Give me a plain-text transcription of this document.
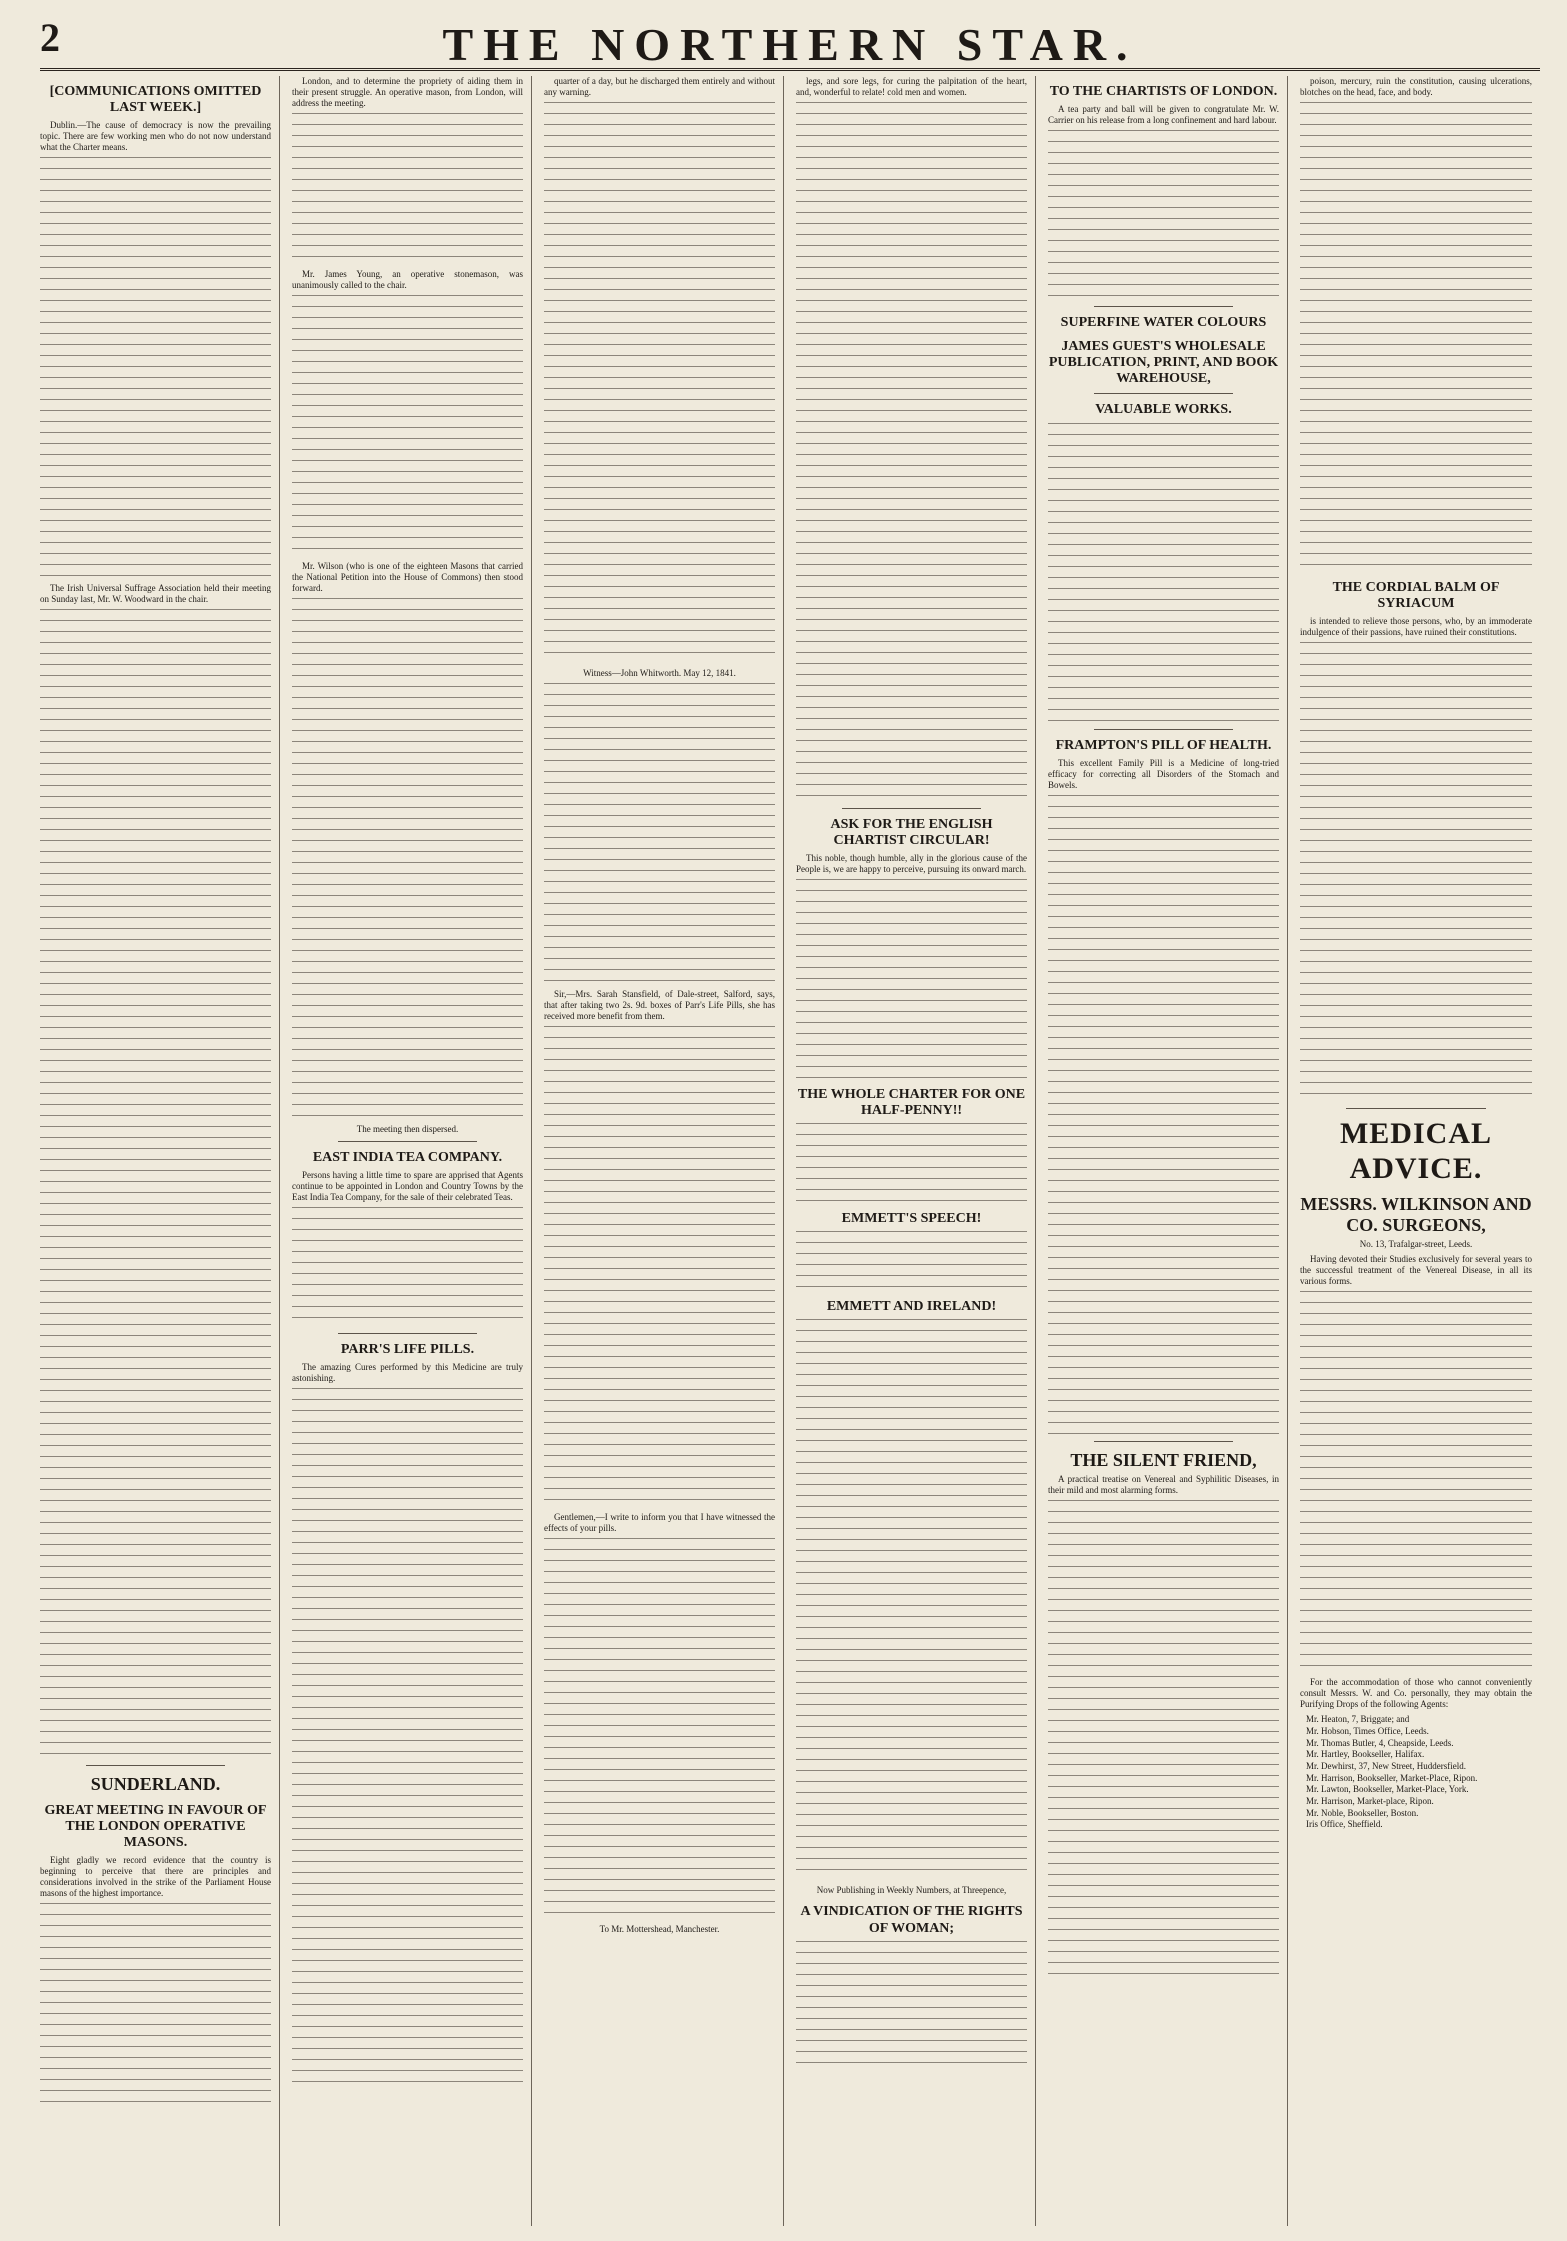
2	THE NORTHERN STAR.
[COMMUNICATIONS OMITTED LAST WEEK.]

Dublin.—The cause of democracy is now the prevailing topic. There are few working men who do not now understand what the Charter means.

The Irish Universal Suffrage Association held their meeting on Sunday last, Mr. W. Woodward in the chair.

SUNDERLAND.
GREAT MEETING IN FAVOUR OF THE LONDON OPERATIVE MASONS.

Eight gladly we record evidence that the country is beginning to perceive that there are principles and considerations involved in the strike of the Parliament House masons of the highest importance.

London, and to determine the propriety of aiding them in their present struggle. An operative mason, from London, will address the meeting.

Mr. James Young, an operative stonemason, was unanimously called to the chair.

Mr. Wilson (who is one of the eighteen Masons that carried the National Petition into the House of Commons) then stood forward.

The meeting then dispersed.

EAST INDIA TEA COMPANY.

Persons having a little time to spare are apprised that Agents continue to be appointed in London and Country Towns by the East India Tea Company, for the sale of their celebrated Teas.

PARR'S LIFE PILLS.

The amazing Cures performed by this Medicine are truly astonishing.

quarter of a day, but he discharged them entirely and without any warning.

Witness—John Whitworth. May 12, 1841.

Sir,—Mrs. Sarah Stansfield, of Dale-street, Salford, says, that after taking two 2s. 9d. boxes of Parr's Life Pills, she has received more benefit from them.

Gentlemen,—I write to inform you that I have witnessed the effects of your pills.

To Mr. Mottershead, Manchester.

legs, and sore legs, for curing the palpitation of the heart, and, wonderful to relate! cold men and women.

ASK FOR THE ENGLISH CHARTIST CIRCULAR!

This noble, though humble, ally in the glorious cause of the People is, we are happy to perceive, pursuing its onward march.

THE WHOLE CHARTER FOR ONE HALF-PENNY!!
EMMETT'S SPEECH!
EMMETT AND IRELAND!

Now Publishing in Weekly Numbers, at Threepence,

A VINDICATION OF THE RIGHTS OF WOMAN;
TO THE CHARTISTS OF LONDON.

A tea party and ball will be given to congratulate Mr. W. Carrier on his release from a long confinement and hard labour.

SUPERFINE WATER COLOURS
JAMES GUEST'S WHOLESALE PUBLICATION, PRINT, AND BOOK WAREHOUSE,
VALUABLE WORKS.
FRAMPTON'S PILL OF HEALTH.

This excellent Family Pill is a Medicine of long-tried efficacy for correcting all Disorders of the Stomach and Bowels.

THE SILENT FRIEND,

A practical treatise on Venereal and Syphilitic Diseases, in their mild and most alarming forms.

poison, mercury, ruin the constitution, causing ulcerations, blotches on the head, face, and body.

THE CORDIAL BALM OF SYRIACUM

is intended to relieve those persons, who, by an immoderate indulgence of their passions, have ruined their constitutions.

MEDICAL ADVICE.
MESSRS. WILKINSON AND CO. SURGEONS,

No. 13, Trafalgar-street, Leeds.

Having devoted their Studies exclusively for several years to the successful treatment of the Venereal Disease, in all its various forms.

For the accommodation of those who cannot conveniently consult Messrs. W. and Co. personally, they may obtain the Purifying Drops of the following Agents:

Mr. Heaton, 7, Briggate; and
Mr. Hobson, Times Office, Leeds.
Mr. Thomas Butler, 4, Cheapside, Leeds.
Mr. Hartley, Bookseller, Halifax.
Mr. Dewhirst, 37, New Street, Huddersfield.
Mr. Harrison, Bookseller, Market-Place, Ripon.
Mr. Lawton, Bookseller, Market-Place, York.
Mr. Harrison, Market-place, Ripon.
Mr. Noble, Bookseller, Boston.
Iris Office, Sheffield.
